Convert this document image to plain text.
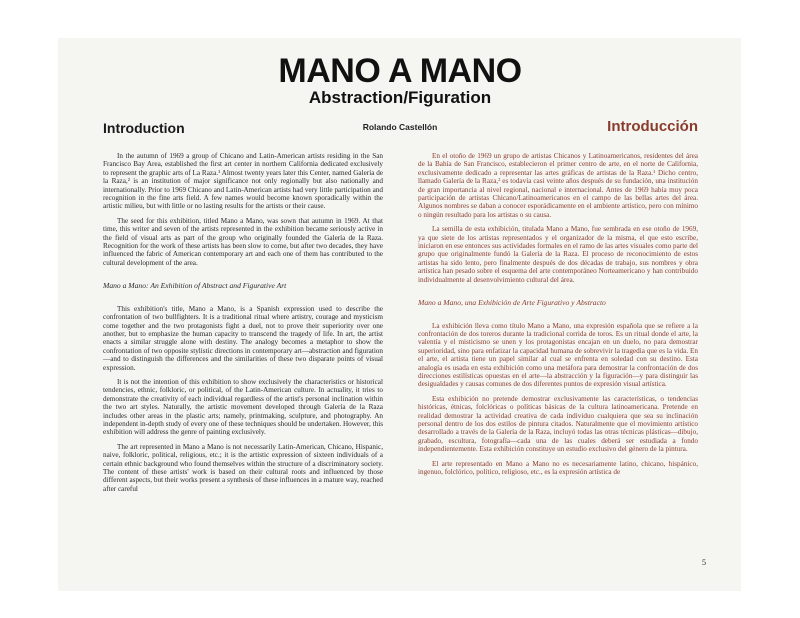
MANO A MANO
Abstraction/Figuration
Rolando Castellón
Introduction	Introducción

In the autumn of 1969 a group of Chicano and Latin-American artists residing in the San Francisco Bay Area, established the first art center in northern California dedicated exclusively to represent the graphic arts of La Raza.¹ Almost twenty years later this Center, named Galería de la Raza,² is an institution of major significance not only regionally but also nationally and internationally. Prior to 1969 Chicano and Latin-American artists had very little participation and recognition in the fine arts field. A few names would become known sporadically within the artistic milieu, but with little or no lasting results for the artists or their cause.

The seed for this exhibition, titled Mano a Mano, was sown that autumn in 1969. At that time, this writer and seven of the artists represented in the exhibition became seriously active in the field of visual arts as part of the group who originally founded the Galería de la Raza. Recognition for the work of these artists has been slow to come, but after two decades, they have influenced the fabric of American contemporary art and each one of them has contributed to the cultural development of the area.

Mano a Mano: An Exhibition of Abstract and Figurative Art

This exhibition's title, Mano a Mano, is a Spanish expression used to describe the confrontation of two bullfighters. It is a traditional ritual where artistry, courage and mysticism come together and the two protagonists fight a duel, not to prove their superiority over one another, but to emphasize the human capacity to transcend the tragedy of life. In art, the artist enacts a similar struggle alone with destiny. The analogy becomes a metaphor to show the confrontation of two opposite stylistic directions in contemporary art—abstraction and figuration—and to distinguish the differences and the similarities of these two disparate points of visual expression.

It is not the intention of this exhibition to show exclusively the characteristics or historical tendencies, ethnic, folkloric, or political, of the Latin-American culture. In actuality, it tries to demonstrate the creativity of each individual regardless of the artist's personal inclination within the two art styles. Naturally, the artistic movement developed through Galería de la Raza includes other areas in the plastic arts; namely, printmaking, sculpture, and photography. An independent in-depth study of every one of these techniques should be undertaken. However, this exhibition will address the genre of painting exclusively.

The art represented in Mano a Mano is not necessarily Latin-American, Chicano, Hispanic, naive, folkloric, political, religious, etc.; it is the artistic expression of sixteen individuals of a certain ethnic background who found themselves within the structure of a discriminatory society. The content of these artists' work is based on their cultural roots and influenced by those different aspects, but their works present a synthesis of these influences in a mature way, reached after careful

En el otoño de 1969 un grupo de artistas Chicanos y Latinoamericanos, residentes del área de la Bahía de San Francisco, establecieron el primer centro de arte, en el norte de California, exclusivamente dedicado a representar las artes gráficas de artistas de la Raza.¹ Dicho centro, llamado Galería de la Raza,² es todavía casi veinte años después de su fundación, una institución de gran importancia al nivel regional, nacional e internacional. Antes de 1969 había muy poca participación de artistas Chicano/Latinoamericanos en el campo de las bellas artes del área. Algunos nombres se daban a conocer esporádicamente en el ambiente artístico, pero con mínimo o ningún resultado para los artistas o su causa.

La semilla de esta exhibición, titulada Mano a Mano, fue sembrada en ese otoño de 1969, ya que siete de los artistas representados y el organizador de la misma, el que esto escribe, iniciaron en ese entonces sus actividades formales en el ramo de las artes visuales como parte del grupo que originalmente fundó la Galería de la Raza. El proceso de reconocimiento de estos artistas ha sido lento, pero finalmente después de dos décadas de trabajo, sus nombres y obra artística han pesado sobre el esquema del arte contemporáneo Norteamericano y han contribuido individualmente al desenvolvimiento cultural del área.

Mano a Mano, una Exhibición de Arte Figurativo y Abstracto

La exhibición lleva como título Mano a Mano, una expresión española que se refiere a la confrontación de dos toreros durante la tradicional corrida de toros. Es un ritual donde el arte, la valentía y el misticismo se unen y los protagonistas encajan en un duelo, no para demostrar superioridad, sino para enfatizar la capacidad humana de sobrevivir la tragedia que es la vida. En el arte, el artista tiene un papel similar al cual se enfrenta en soledad con su destino. Esta analogía es usada en esta exhibición como una metáfora para demostrar la confrontación de dos direcciones estilísticas opuestas en el arte—la abstracción y la figuración—y para distinguir las desigualdades y causas comunes de dos diferentes puntos de expresión visual artística.

Esta exhibición no pretende demostrar exclusivamente las características, o tendencias históricas, étnicas, folclóricas o políticas básicas de la cultura latinoamericana. Pretende en realidad demostrar la actividad creativa de cada individuo cualquiera que sea su inclinación personal dentro de los dos estilos de pintura citados. Naturalmente que el movimiento artístico desarrollado a través de la Galería de la Raza, incluyó todas las otras técnicas plásticas—dibujo, grabado, escultura, fotografía—cada una de las cuales deberá ser estudiada a fondo independientemente. Esta exhibición constituye un estudio exclusivo del género de la pintura.

El arte representado en Mano a Mano no es necesariamente latino, chicano, hispánico, ingenuo, folclórico, político, religioso, etc., es la expresión artística de

5
